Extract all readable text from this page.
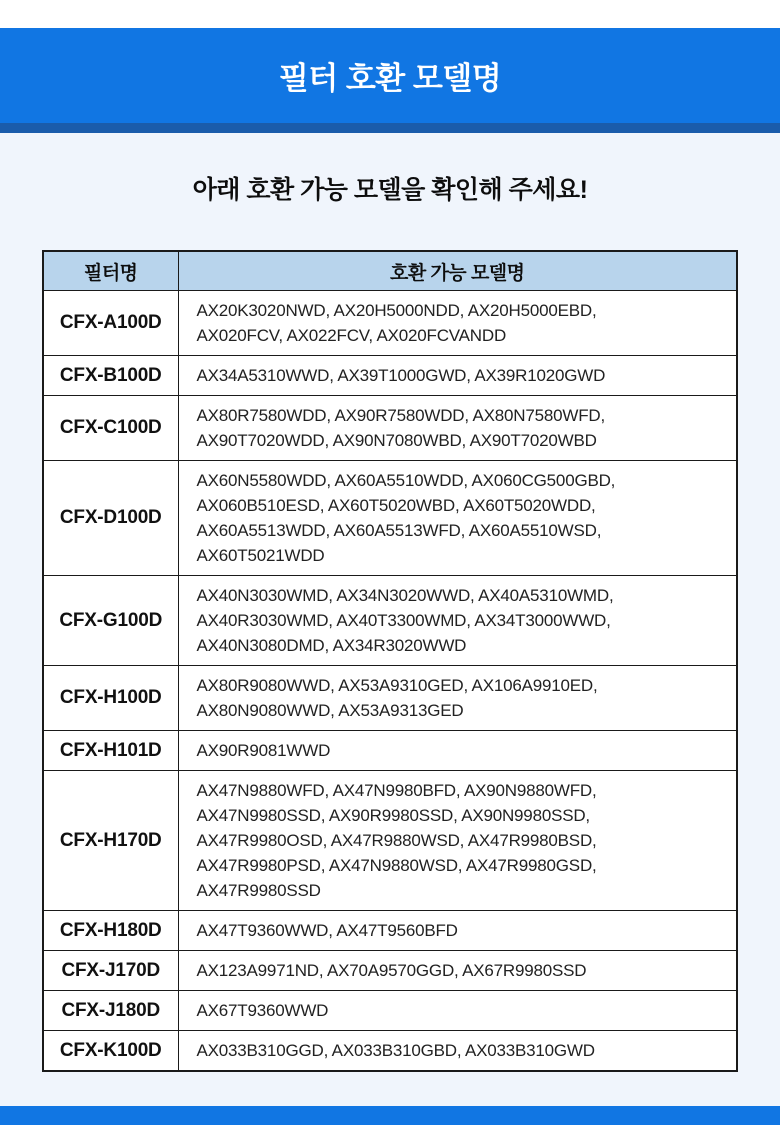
필터 호환 모델명
아래 호환 가능 모델을 확인해 주세요!
필터명	호환 가능 모델명
CFX-A100D	AX20K3020NWD, AX20H5000NDD, AX20H5000EBD, AX020FCV, AX022FCV, AX020FCVANDD
CFX-B100D	AX34A5310WWD, AX39T1000GWD, AX39R1020GWD
CFX-C100D	AX80R7580WDD, AX90R7580WDD, AX80N7580WFD, AX90T7020WDD, AX90N7080WBD, AX90T7020WBD
CFX-D100D	AX60N5580WDD, AX60A5510WDD, AX060CG500GBD, AX060B510ESD, AX60T5020WBD, AX60T5020WDD, AX60A5513WDD, AX60A5513WFD, AX60A5510WSD, AX60T5021WDD
CFX-G100D	AX40N3030WMD, AX34N3020WWD, AX40A5310WMD, AX40R3030WMD, AX40T3300WMD, AX34T3000WWD, AX40N3080DMD, AX34R3020WWD
CFX-H100D	AX80R9080WWD, AX53A9310GED, AX106A9910ED, AX80N9080WWD, AX53A9313GED
CFX-H101D	AX90R9081WWD
CFX-H170D	AX47N9880WFD, AX47N9980BFD, AX90N9880WFD, AX47N9980SSD, AX90R9980SSD, AX90N9980SSD, AX47R9980OSD, AX47R9880WSD, AX47R9980BSD, AX47R9980PSD, AX47N9880WSD, AX47R9980GSD, AX47R9980SSD
CFX-H180D	AX47T9360WWD, AX47T9560BFD
CFX-J170D	AX123A9971ND, AX70A9570GGD, AX67R9980SSD
CFX-J180D	AX67T9360WWD
CFX-K100D	AX033B310GGD, AX033B310GBD, AX033B310GWD
